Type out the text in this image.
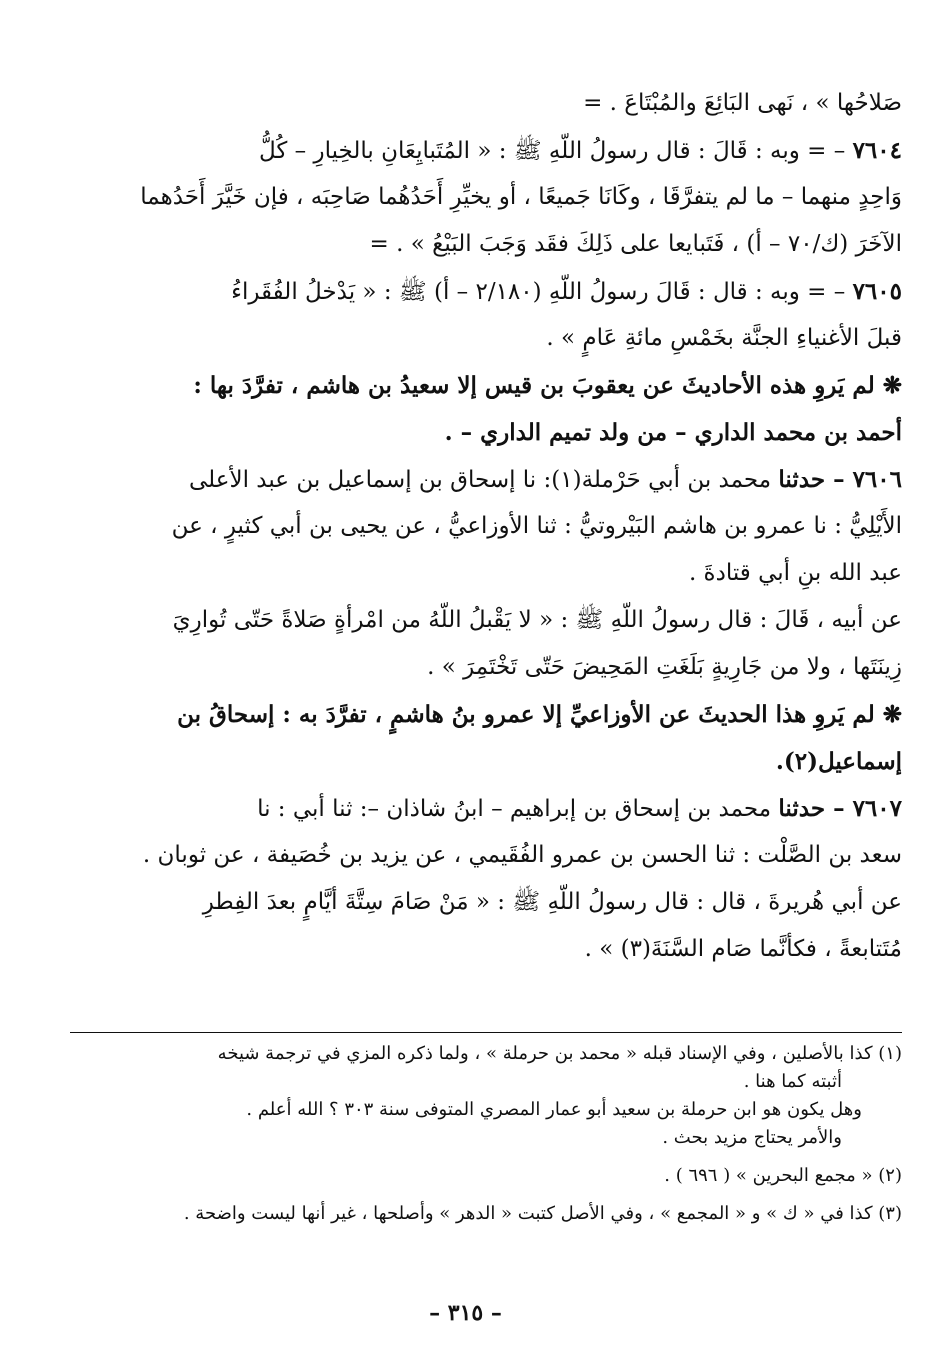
صَلاحُها » ، نَهى البَائِعَ والمُبْتَاعَ . =
٧٦٠٤ – = وبه : قَالَ : قال رسولُ اللّهِ ﷺ : « المُتَبايِعَانِ بالخِيارِ – كُلُّ
وَاحِدٍ منهما – ما لم يتفرَّقَا ، وكَانَا جَميعًا ، أو يخيِّرِ أَحَدُهُما صَاحِبَه ، فإن خَيَّرَ أَحَدُهما
الآخَرَ (ك/٧٠ – أ) ، فَتَبايعا على ذَلِكَ فقَد وَجَبَ البَيْعُ » . =
٧٦٠٥ – = وبه : قال : قَالَ رسولُ اللّهِ (٢/١٨٠ – أ) ﷺ : « يَدْخلُ الفُقَراءُ
قبلَ الأغنياءِ الجنَّة بخَمْسِ مائةِ عَامٍ » .
❋ لم يَروِ هذه الأحاديثَ عن يعقوبَ بن قيس إلا سعيدُ بن هاشم ، تفرَّدَ بها :
أحمد بن محمد الداري – من ولد تميم الداري – .
٧٦٠٦ – حدثنا محمد بن أبي حَرْملة(١): نا إسحاق بن إسماعيل بن عبد الأعلى
الأَيْلِيُّ : نا عمرو بن هاشم البَيْروتيُّ : ثنا الأوزاعيُّ ، عن يحيى بن أبي كثيرٍ ، عن
عبد الله بنِ أبي قتادةَ .
عن أبيه ، قَالَ : قال رسولُ اللّهِ ﷺ : « لا يَقْبلُ اللّهُ من امْرأةٍ صَلاةً حَتّى تُوارِيَ
زِينَتَها ، ولا من جَارِيةٍ بَلَغَتِ المَحِيضَ حَتّى تَخْتَمِرَ » .
❋ لم يَروِ هذا الحديثَ عن الأوزاعيِّ إلا عمرو بنُ هاشمٍ ، تفرَّدَ به : إسحاقُ بن
إسماعيل(٢).
٧٦٠٧ – حدثنا محمد بن إسحاق بن إبراهيم – ابنُ شاذان –: ثنا أبي : نا
سعد بن الصَّلْت : ثنا الحسن بن عمرو الفُقَيمي ، عن يزيد بن خُصَيفة ، عن ثوبان .
عن أبي هُريرةَ ، قال : قال رسولُ اللّهِ ﷺ : « مَنْ صَامَ سِتَّةَ أيَّامٍ بعدَ الفِطرِ
مُتَتابعةً ، فكأنَّما صَام السَّنَةَ(٣) » .
(١) كذا بالأصلين ، وفي الإسناد قبله « محمد بن حرملة » ، ولما ذكره المزي في ترجمة شيخه
أثبته كما هنا .
وهل يكون هو ابن حرملة بن سعيد أبو عمار المصري المتوفى سنة ٣٠٣ ؟ الله أعلم .
والأمر يحتاج مزيد بحث .
(٢) « مجمع البحرين » ( ٦٩٦ ) .
(٣) كذا في « ك » و « المجمع » ، وفي الأصل كتبت « الدهر » وأصلحها ، غير أنها ليست واضحة .
– ٣١٥ –
